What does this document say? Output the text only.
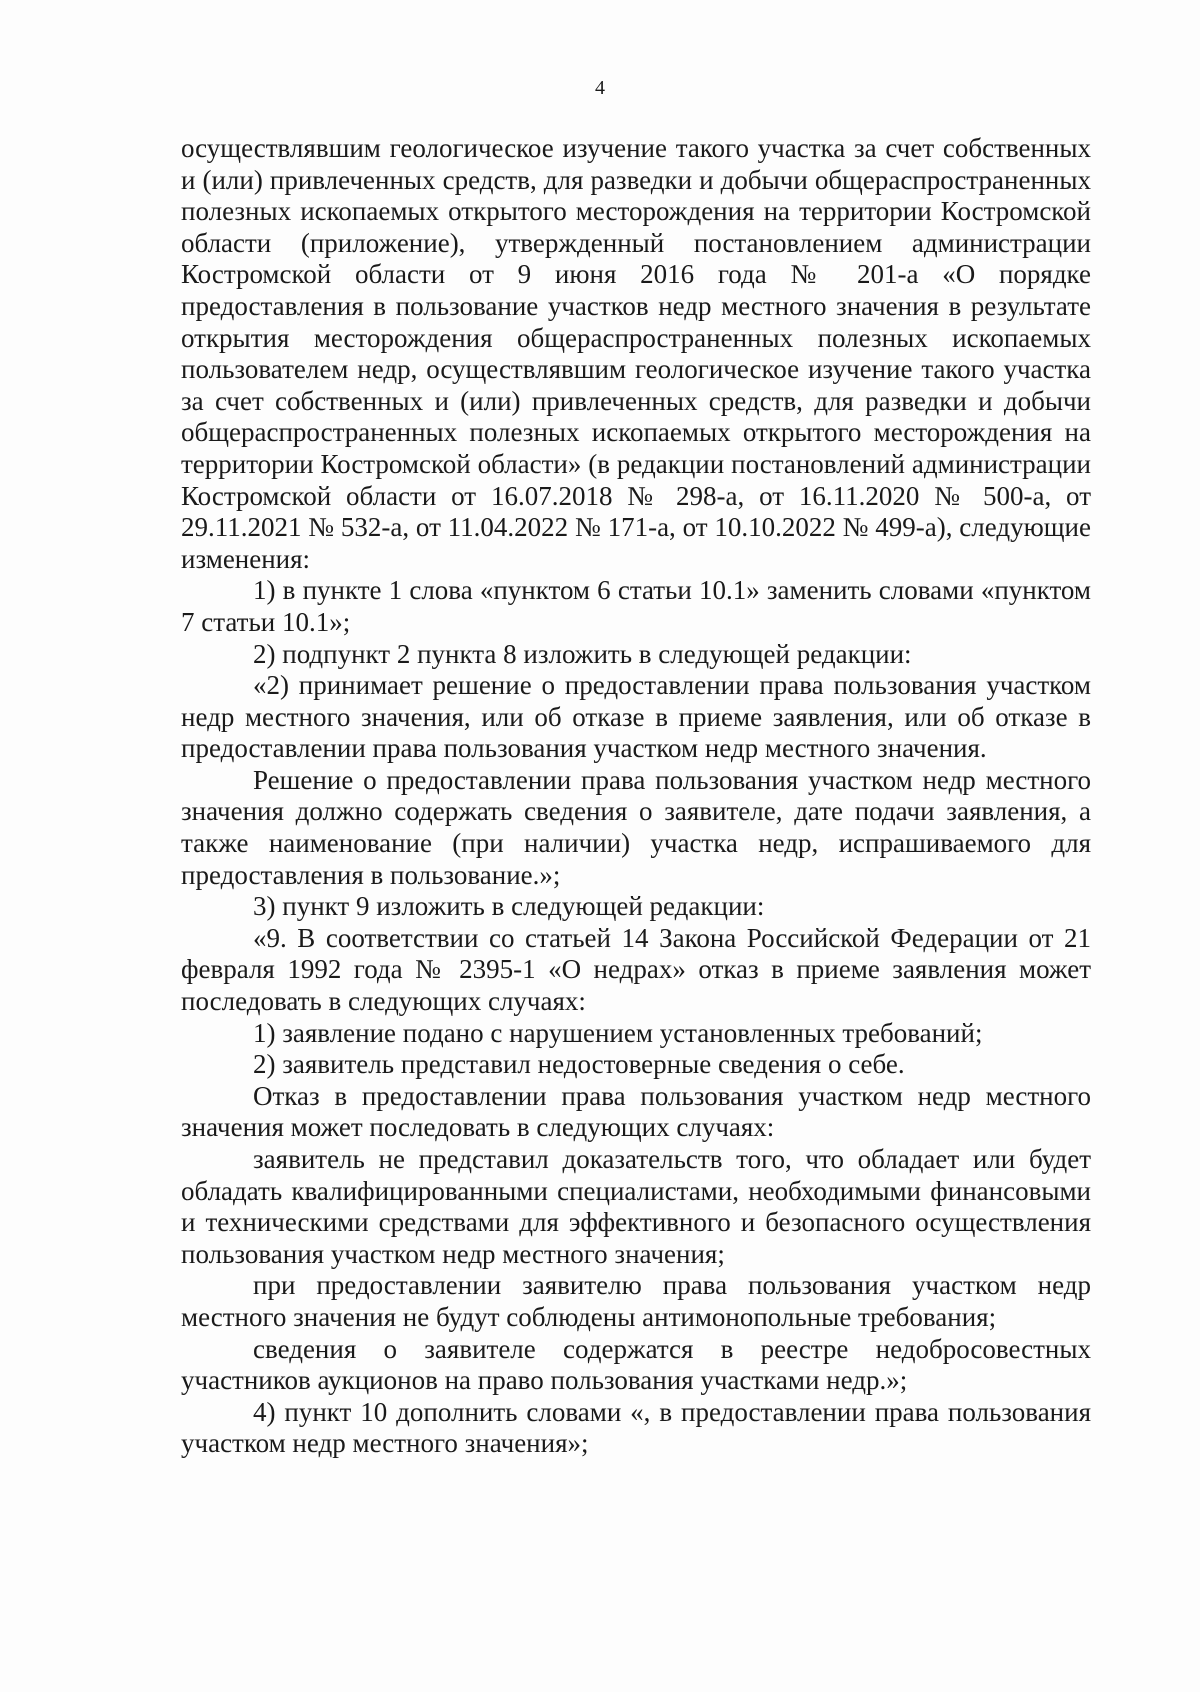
4

осуществлявшим геологическое изучение такого участка за счет собственных и (или) привлеченных средств, для разведки и добычи общераспространенных полезных ископаемых открытого месторождения на территории Костромской области (приложение), утвержденный постановлением администрации Костромской области от 9 июня 2016 года № 201-а «О порядке предоставления в пользование участков недр местного значения в результате открытия месторождения общераспространенных полезных ископаемых пользователем недр, осуществлявшим геологическое изучение такого участка за счет собственных и (или) привлеченных средств, для разведки и добычи общераспространенных полезных ископаемых открытого месторождения на территории Костромской области» (в редакции постановлений администрации Костромской области от 16.07.2018 № 298-а, от 16.11.2020 № 500-а, от 29.11.2021 № 532-а, от 11.04.2022 № 171-а, от 10.10.2022 № 499-а), следующие изменения:

1) в пункте 1 слова «пунктом 6 статьи 10.1» заменить словами «пунктом 7 статьи 10.1»;

2) подпункт 2 пункта 8 изложить в следующей редакции:

«2) принимает решение о предоставлении права пользования участком недр местного значения, или об отказе в приеме заявления, или об отказе в предоставлении права пользования участком недр местного значения.

Решение о предоставлении права пользования участком недр местного значения должно содержать сведения о заявителе, дате подачи заявления, а также наименование (при наличии) участка недр, испрашиваемого для предоставления в пользование.»;

3) пункт 9 изложить в следующей редакции:

«9. В соответствии со статьей 14 Закона Российской Федерации от 21 февраля 1992 года № 2395-1 «О недрах» отказ в приеме заявления может последовать в следующих случаях:

1) заявление подано с нарушением установленных требований;

2) заявитель представил недостоверные сведения о себе.

Отказ в предоставлении права пользования участком недр местного значения может последовать в следующих случаях:

заявитель не представил доказательств того, что обладает или будет обладать квалифицированными специалистами, необходимыми финансовыми и техническими средствами для эффективного и безопасного осуществления пользования участком недр местного значения;

при предоставлении заявителю права пользования участком недр местного значения не будут соблюдены антимонопольные требования;

сведения о заявителе содержатся в реестре недобросовестных участников аукционов на право пользования участками недр.»;

4) пункт 10 дополнить словами «, в предоставлении права пользования участком недр местного значения»;
